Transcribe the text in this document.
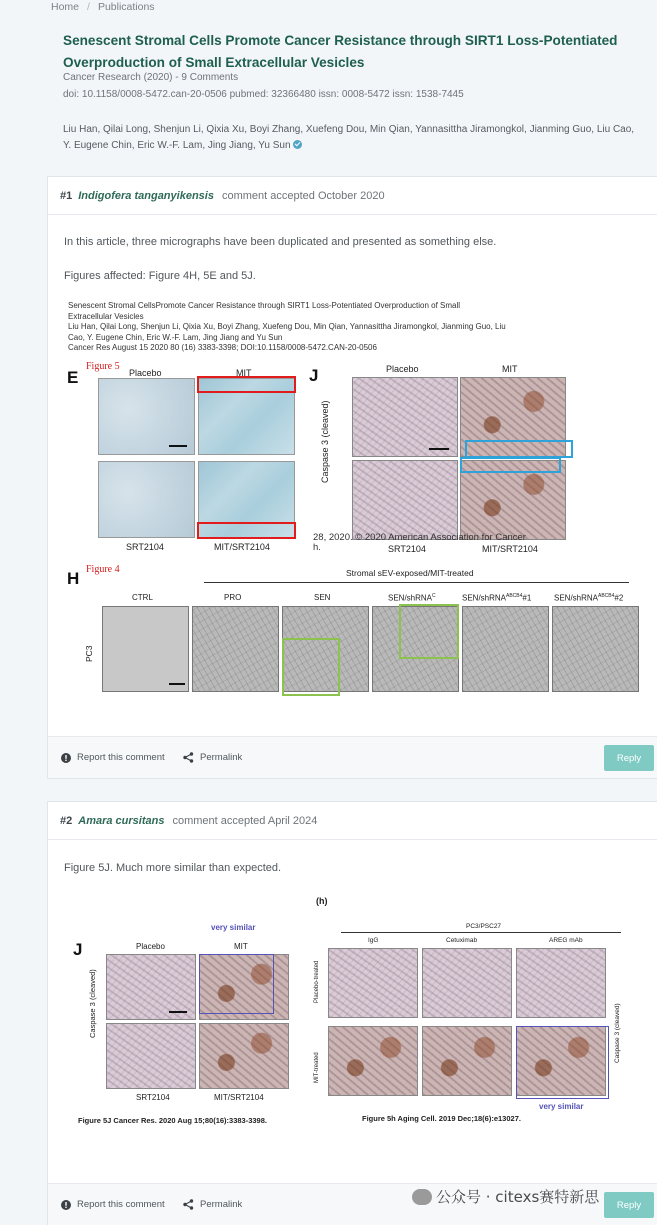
Home / Publications
Senescent Stromal Cells Promote Cancer Resistance through SIRT1 Loss-Potentiated Overproduction of Small Extracellular Vesicles
Cancer Research (2020) - 9 Comments
doi: 10.1158/0008-5472.can-20-0506 pubmed: 32366480 issn: 0008-5472 issn: 1538-7445
Liu Han, Qilai Long, Shenjun Li, Qixia Xu, Boyi Zhang, Xuefeng Dou, Min Qian, Yannasittha Jiramongkol, Jianming Guo, Liu Cao, Y. Eugene Chin, Eric W.-F. Lam, Jing Jiang, Yu Sun
#1 Indigofera tanganyikensis comment accepted October 2020
In this article, three micrographs have been duplicated and presented as something else.
Figures affected: Figure 4H, 5E and 5J.
Senescent Stromal CellsPromote Cancer Resistance through SIRT1 Loss-Potentiated Overproduction of Small
Extracellular Vesicles
Liu Han, Qilai Long, Shenjun Li, Qixia Xu, Boyi Zhang, Xuefeng Dou, Min Qian, Yannasittha Jiramongkol, Jianming Guo, Liu
Cao, Y. Eugene Chin, Eric W.-F. Lam, Jing Jiang and Yu Sun
Cancer Res August 15 2020 80 (16) 3383-3398; DOI:10.1158/0008-5472.CAN-20-0506
E
Figure 5
Placebo	MIT
SRT2104	MIT/SRT2104
J	Placebo	MIT
Caspase 3 (cleaved)
28, 2020. © 2020 American Association for Cancer
h.	SRT2104	MIT/SRT2104
H Figure 4	Stromal sEV-exposed/MIT-treated
PC3
CTRL	PRO	SEN	SEN/shRNA$^C$	SEN/shRNA$^{ABCB4}$#1	SEN/shRNA$^{ABCB4}$#2
Report this comment	Permalink	Reply
#2 Amara cursitans comment accepted April 2024
Figure 5J. Much more similar than expected.
J
very similar
Placebo	MIT
Caspase 3 (cleaved)
SRT2104	MIT/SRT2104
Figure 5J Cancer Res. 2020 Aug 15;80(16):3383-3398.
(h)
PC3/PSC27
IgG	Cetuximab	AREG mAb
Placebo-treated
MIT-treated
Caspase 3 (cleaved)
very similar
Figure 5h Aging Cell. 2019 Dec;18(6):e13027.
Report this comment	Permalink	Reply
公众号 · citexs赛特新思
